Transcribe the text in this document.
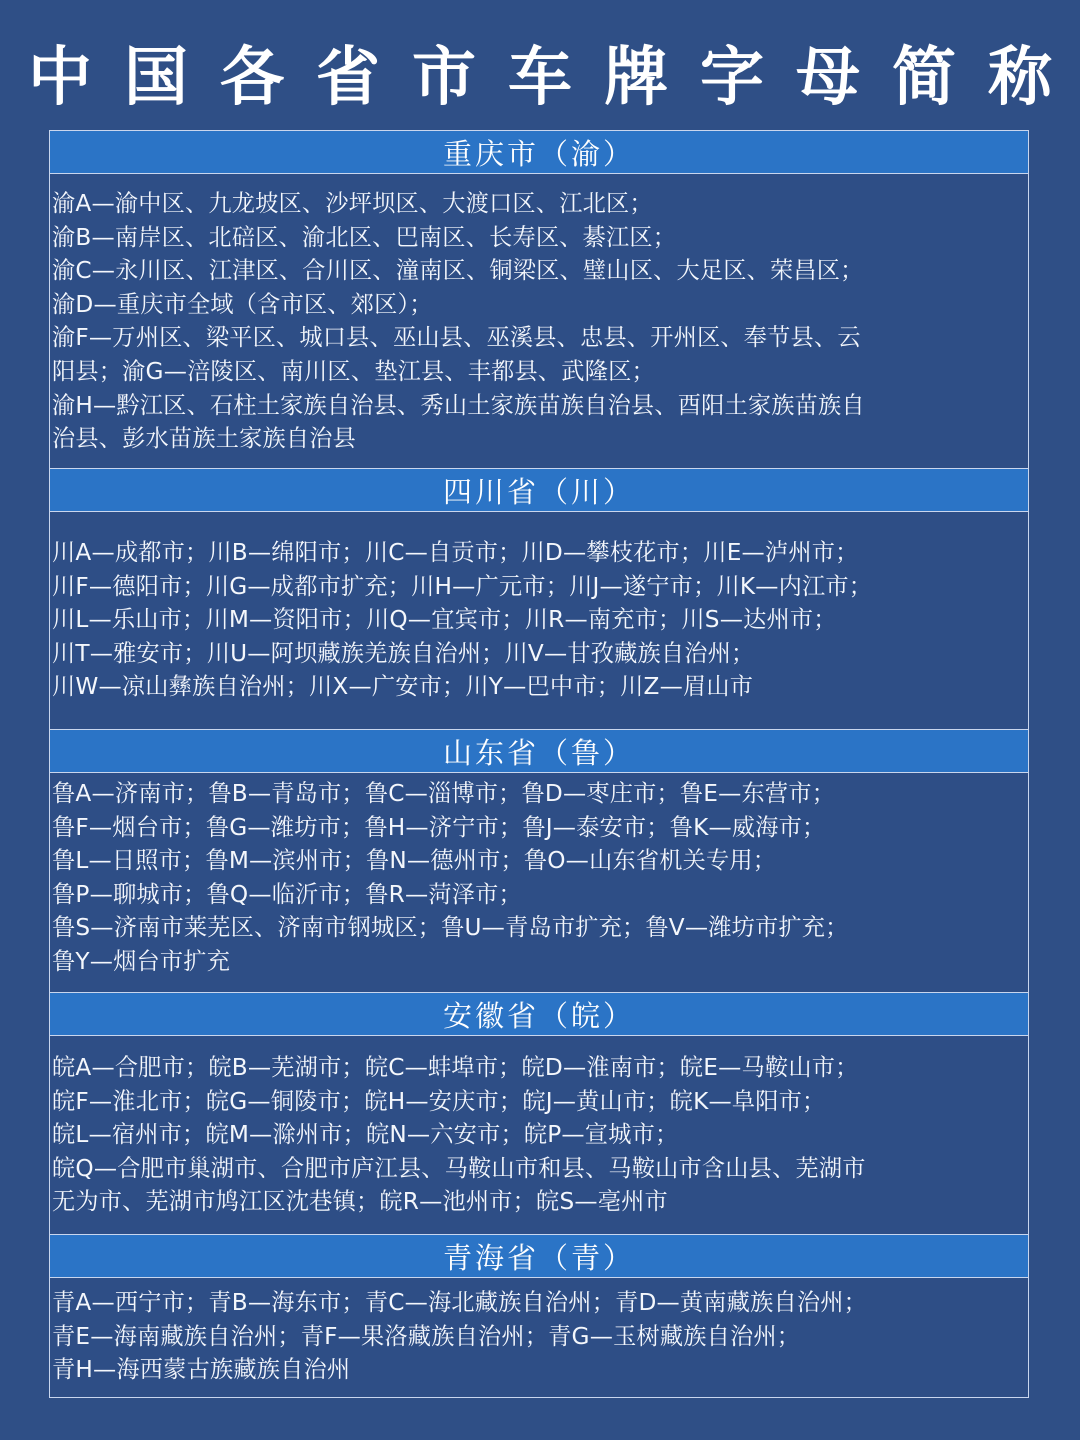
中 国 各 省 市 车 牌 字 母 简 称
重庆市（渝）
渝A—渝中区、九龙坡区、沙坪坝区、大渡口区、江北区；
渝B—南岸区、北碚区、渝北区、巴南区、长寿区、綦江区；
渝C—永川区、江津区、合川区、潼南区、铜梁区、璧山区、大足区、荣昌区；
渝D—重庆市全域（含市区、郊区）；
渝F—万州区、梁平区、城口县、巫山县、巫溪县、忠县、开州区、奉节县、云
阳县；渝G—涪陵区、南川区、垫江县、丰都县、武隆区；
渝H—黔江区、石柱土家族自治县、秀山土家族苗族自治县、酉阳土家族苗族自
治县、彭水苗族土家族自治县
四川省（川）
川A—成都市；川B—绵阳市；川C—自贡市；川D—攀枝花市；川E—泸州市；
川F—德阳市；川G—成都市扩充；川H—广元市；川J—遂宁市；川K—内江市；
川L—乐山市；川M—资阳市；川Q—宜宾市；川R—南充市；川S—达州市；
川T—雅安市；川U—阿坝藏族羌族自治州；川V—甘孜藏族自治州；
川W—凉山彝族自治州；川X—广安市；川Y—巴中市；川Z—眉山市
山东省（鲁）
鲁A—济南市；鲁B—青岛市；鲁C—淄博市；鲁D—枣庄市；鲁E—东营市；
鲁F—烟台市；鲁G—潍坊市；鲁H—济宁市；鲁J—泰安市；鲁K—威海市；
鲁L—日照市；鲁M—滨州市；鲁N—德州市；鲁O—山东省机关专用；
鲁P—聊城市；鲁Q—临沂市；鲁R—菏泽市；
鲁S—济南市莱芜区、济南市钢城区；鲁U—青岛市扩充；鲁V—潍坊市扩充；
鲁Y—烟台市扩充
安徽省（皖）
皖A—合肥市；皖B—芜湖市；皖C—蚌埠市；皖D—淮南市；皖E—马鞍山市；
皖F—淮北市；皖G—铜陵市；皖H—安庆市；皖J—黄山市；皖K—阜阳市；
皖L—宿州市；皖M—滁州市；皖N—六安市；皖P—宣城市；
皖Q—合肥市巢湖市、合肥市庐江县、马鞍山市和县、马鞍山市含山县、芜湖市
无为市、芜湖市鸠江区沈巷镇；皖R—池州市；皖S—亳州市
青海省（青）
青A—西宁市；青B—海东市；青C—海北藏族自治州；青D—黄南藏族自治州；
青E—海南藏族自治州；青F—果洛藏族自治州；青G—玉树藏族自治州；
青H—海西蒙古族藏族自治州
